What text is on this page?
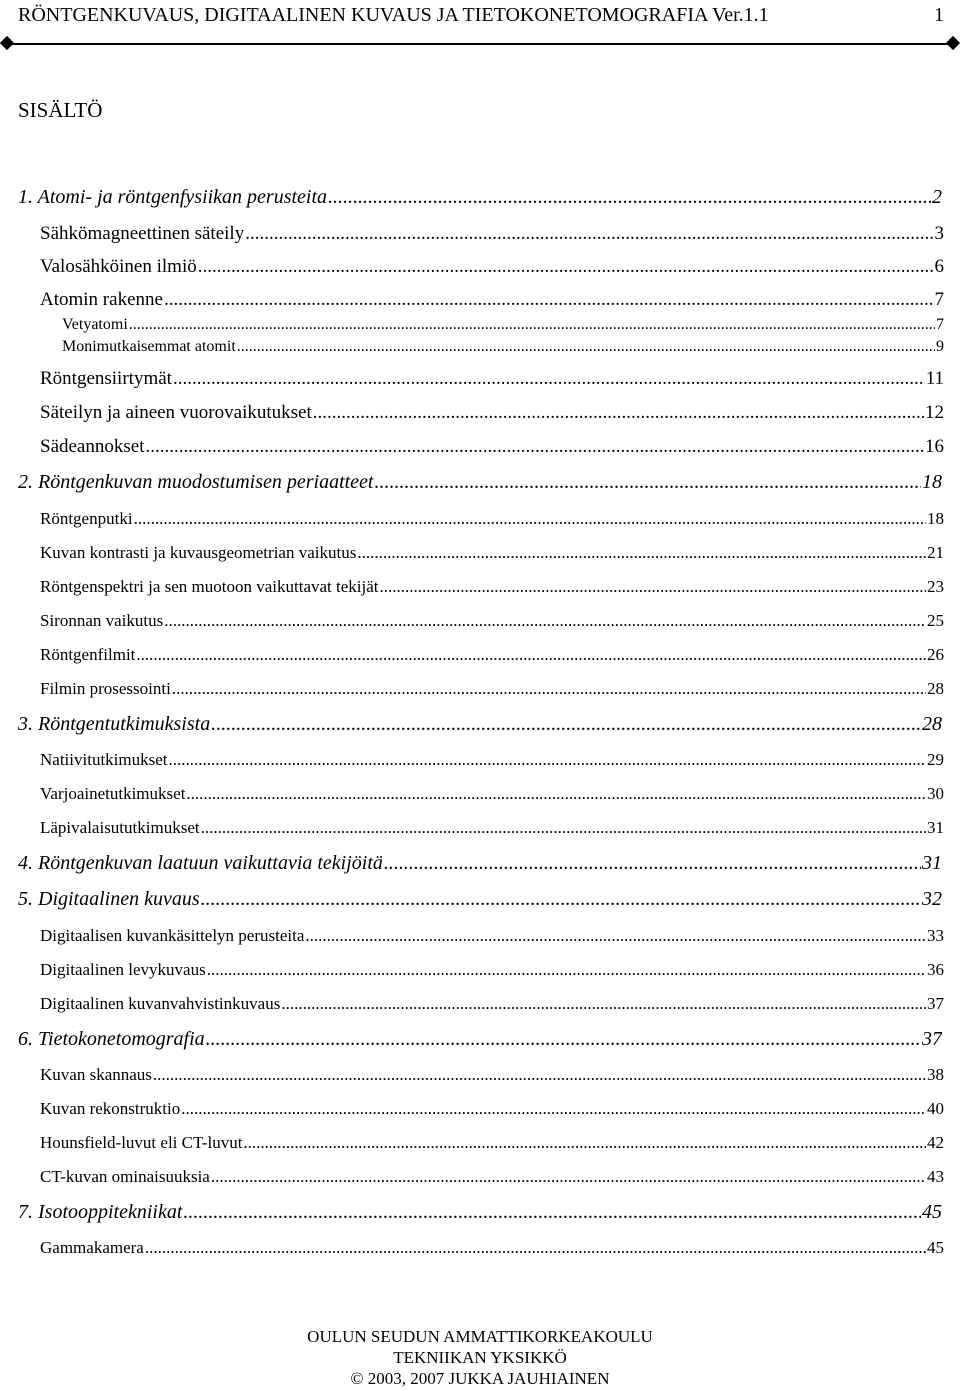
RÖNTGENKUVAUS, DIGITAALINEN KUVAUS JA TIETOKONETOMOGRAFIA Ver.1.1	1
SISÄLTÖ
1. Atomi- ja röntgenfysiikan perusteita .....	2
Sähkömagneettinen säteily .....	3
Valosähköinen ilmiö .....	6
Atomin rakenne .....	7
Vetyatomi .....	7
Monimutkaisemmat atomit .....	9
Röntgensiirtymät .....	11
Säteilyn ja aineen vuorovaikutukset .....	12
Sädeannokset .....	16
2. Röntgenkuvan muodostumisen periaatteet .....	18
Röntgenputki .....	18
Kuvan kontrasti ja kuvausgeometrian vaikutus .....	21
Röntgenspektri ja sen muotoon vaikuttavat tekijät .....	23
Sironnan vaikutus .....	25
Röntgenfilmit .....	26
Filmin prosessointi .....	28
3. Röntgentutkimuksista .....	28
Natiivitutkimukset .....	29
Varjoainetutkimukset .....	30
Läpivalaisututkimukset .....	31
4. Röntgenkuvan laatuun vaikuttavia tekijöitä .....	31
5. Digitaalinen kuvaus .....	32
Digitaalisen kuvankäsittelyn perusteita .....	33
Digitaalinen levykuvaus .....	36
Digitaalinen kuvanvahvistinkuvaus .....	37
6. Tietokonetomografia .....	37
Kuvan skannaus .....	38
Kuvan rekonstruktio .....	40
Hounsfield-luvut eli CT-luvut .....	42
CT-kuvan ominaisuuksia .....	43
7. Isotooppitekniikat .....	45
Gammakamera .....	45
OULUN SEUDUN AMMATTIKORKEAKOULU
TEKNIIKAN YKSIKKÖ
© 2003, 2007 JUKKA JAUHIAINEN
